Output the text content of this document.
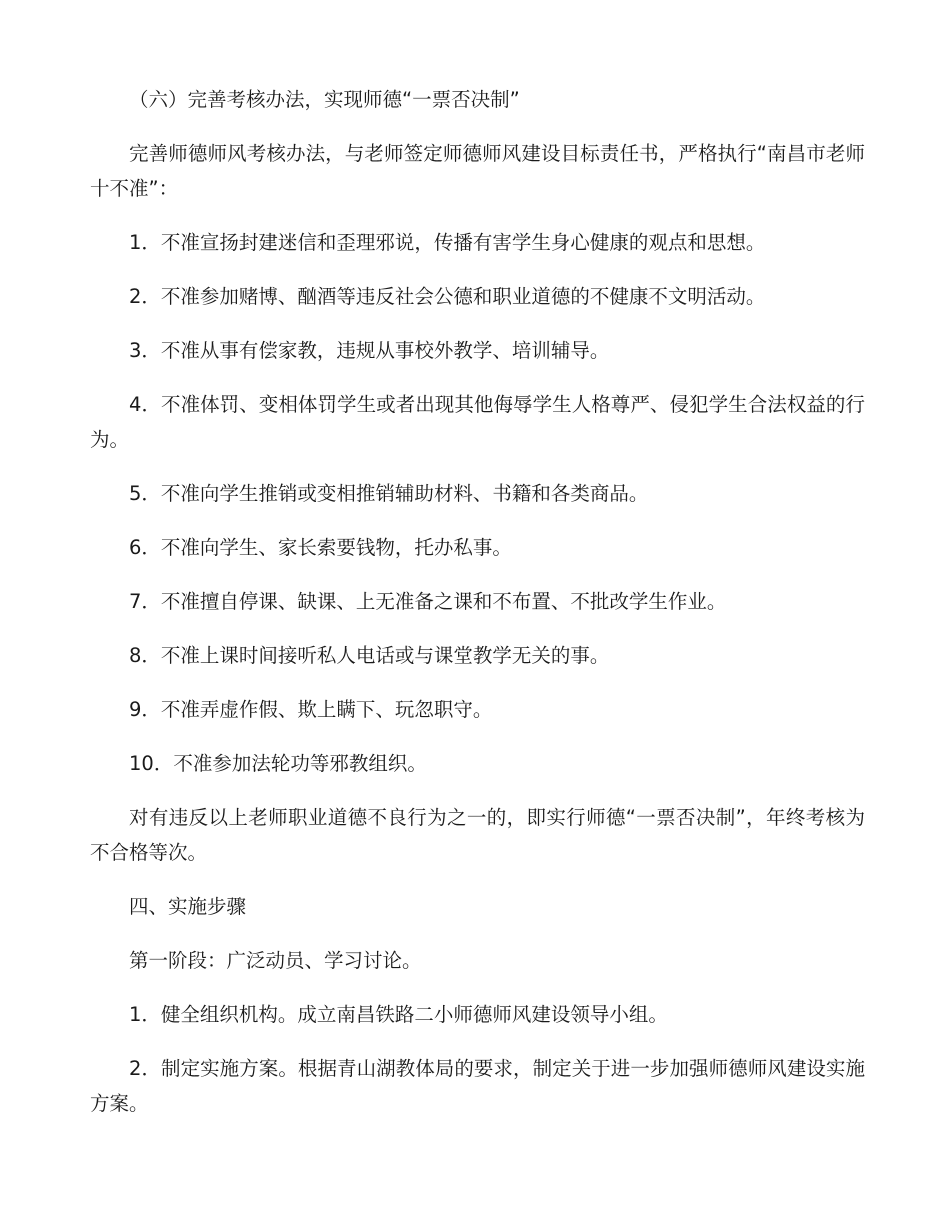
（六）完善考核办法，实现师德“一票否决制”

完善师德师风考核办法，与老师签定师德师风建设目标责任书，严格执行“南昌市老师十不准”：

1．不准宣扬封建迷信和歪理邪说，传播有害学生身心健康的观点和思想。

2．不准参加赌博、酗酒等违反社会公德和职业道德的不健康不文明活动。

3．不准从事有偿家教，违规从事校外教学、培训辅导。

4．不准体罚、变相体罚学生或者出现其他侮辱学生人格尊严、侵犯学生合法权益的行为。

5．不准向学生推销或变相推销辅助材料、书籍和各类商品。

6．不准向学生、家长索要钱物，托办私事。

7．不准擅自停课、缺课、上无准备之课和不布置、不批改学生作业。

8．不准上课时间接听私人电话或与课堂教学无关的事。

9．不准弄虚作假、欺上瞒下、玩忽职守。

10．不准参加法轮功等邪教组织。

对有违反以上老师职业道德不良行为之一的，即实行师德“一票否决制”，年终考核为不合格等次。

四、实施步骤

第一阶段：广泛动员、学习讨论。

1．健全组织机构。成立南昌铁路二小师德师风建设领导小组。

2．制定实施方案。根据青山湖教体局的要求，制定关于进一步加强师德师风建设实施方案。
